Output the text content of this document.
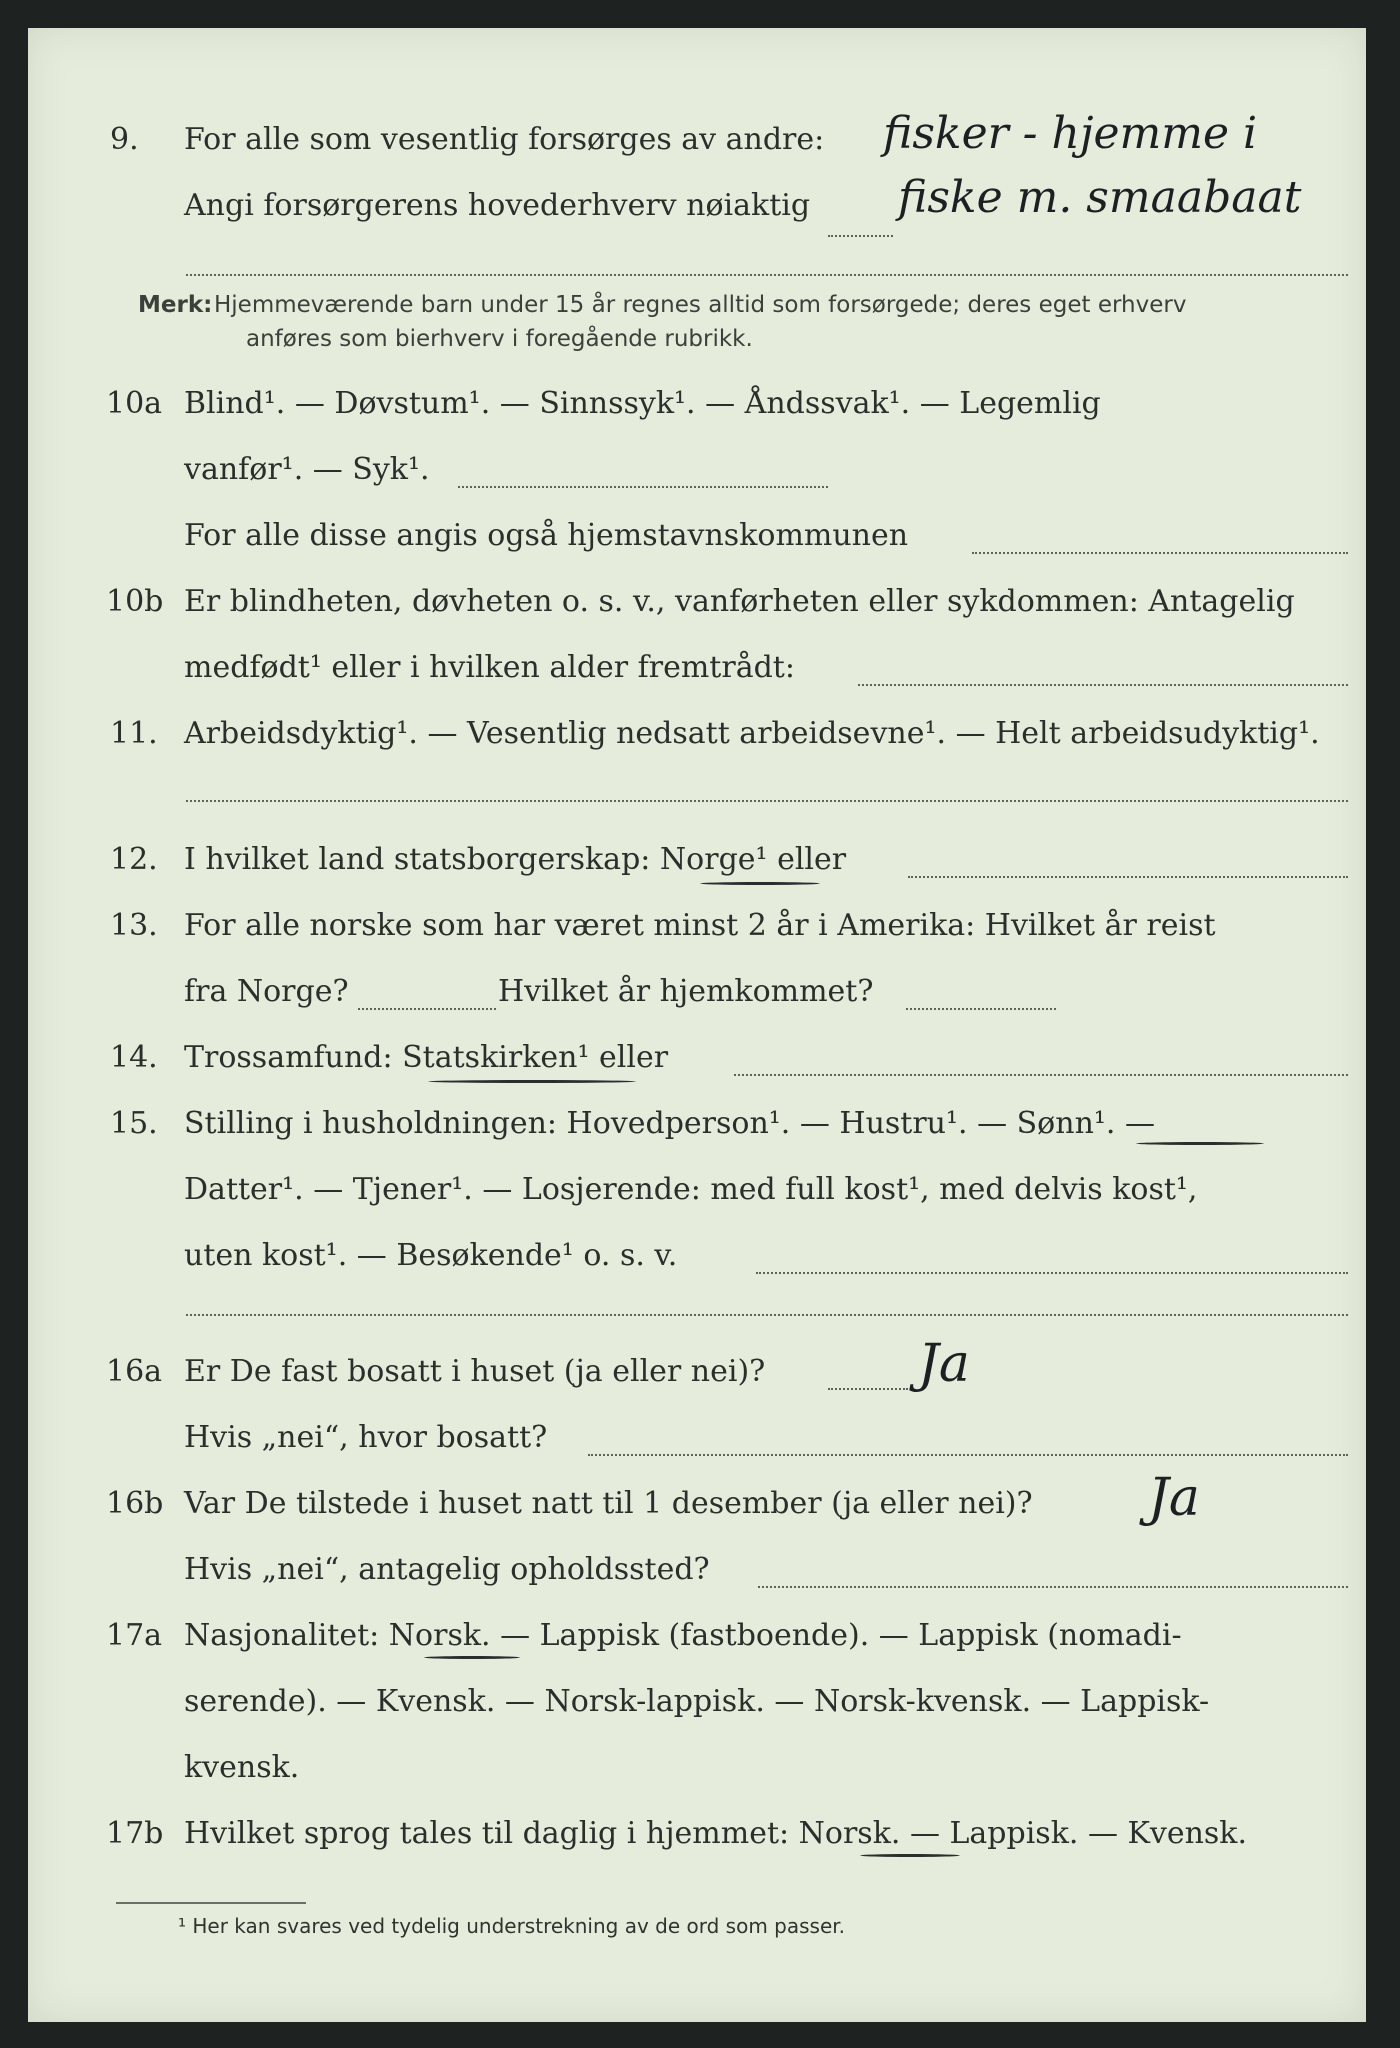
9. For alle som vesentlig forsørges av andre: fisker - hjemme i
Angi forsørgerens hovederhverv nøiaktig fiske m. smaabaat
Merk: Hjemmeværende barn under 15 år regnes alltid som forsørgede; deres eget erhverv
anføres som bierhverv i foregående rubrikk.
10a Blind¹. — Døvstum¹. — Sinnssyk¹. — Åndssvak¹. — Legemlig
vanfør¹. — Syk¹.
For alle disse angis også hjemstavnskommunen
10b Er blindheten, døvheten o. s. v., vanførheten eller sykdommen: Antagelig
medfødt¹ eller i hvilken alder fremtrådt:
11. Arbeidsdyktig¹. — Vesentlig nedsatt arbeidsevne¹. — Helt arbeidsudyktig¹.
12. I hvilket land statsborgerskap: Norge¹ eller
13. For alle norske som har været minst 2 år i Amerika: Hvilket år reist
fra Norge?	Hvilket år hjemkommet?
14. Trossamfund: Statskirken¹ eller
15. Stilling i husholdningen: Hovedperson¹. — Hustru¹. — Sønn¹. —
Datter¹. — Tjener¹. — Losjerende: med full kost¹, med delvis kost¹,
uten kost¹. — Besøkende¹ o. s. v.
16a Er De fast bosatt i huset (ja eller nei)?	Ja
Hvis „nei“, hvor bosatt?
16b Var De tilstede i huset natt til 1 desember (ja eller nei)? Ja
Hvis „nei“, antagelig opholdssted?
17a Nasjonalitet: Norsk. — Lappisk (fastboende). — Lappisk (nomadi-
serende). — Kvensk. — Norsk-lappisk. — Norsk-kvensk. — Lappisk-
kvensk.
17b Hvilket sprog tales til daglig i hjemmet: Norsk. — Lappisk. — Kvensk.
¹ Her kan svares ved tydelig understrekning av de ord som passer.
